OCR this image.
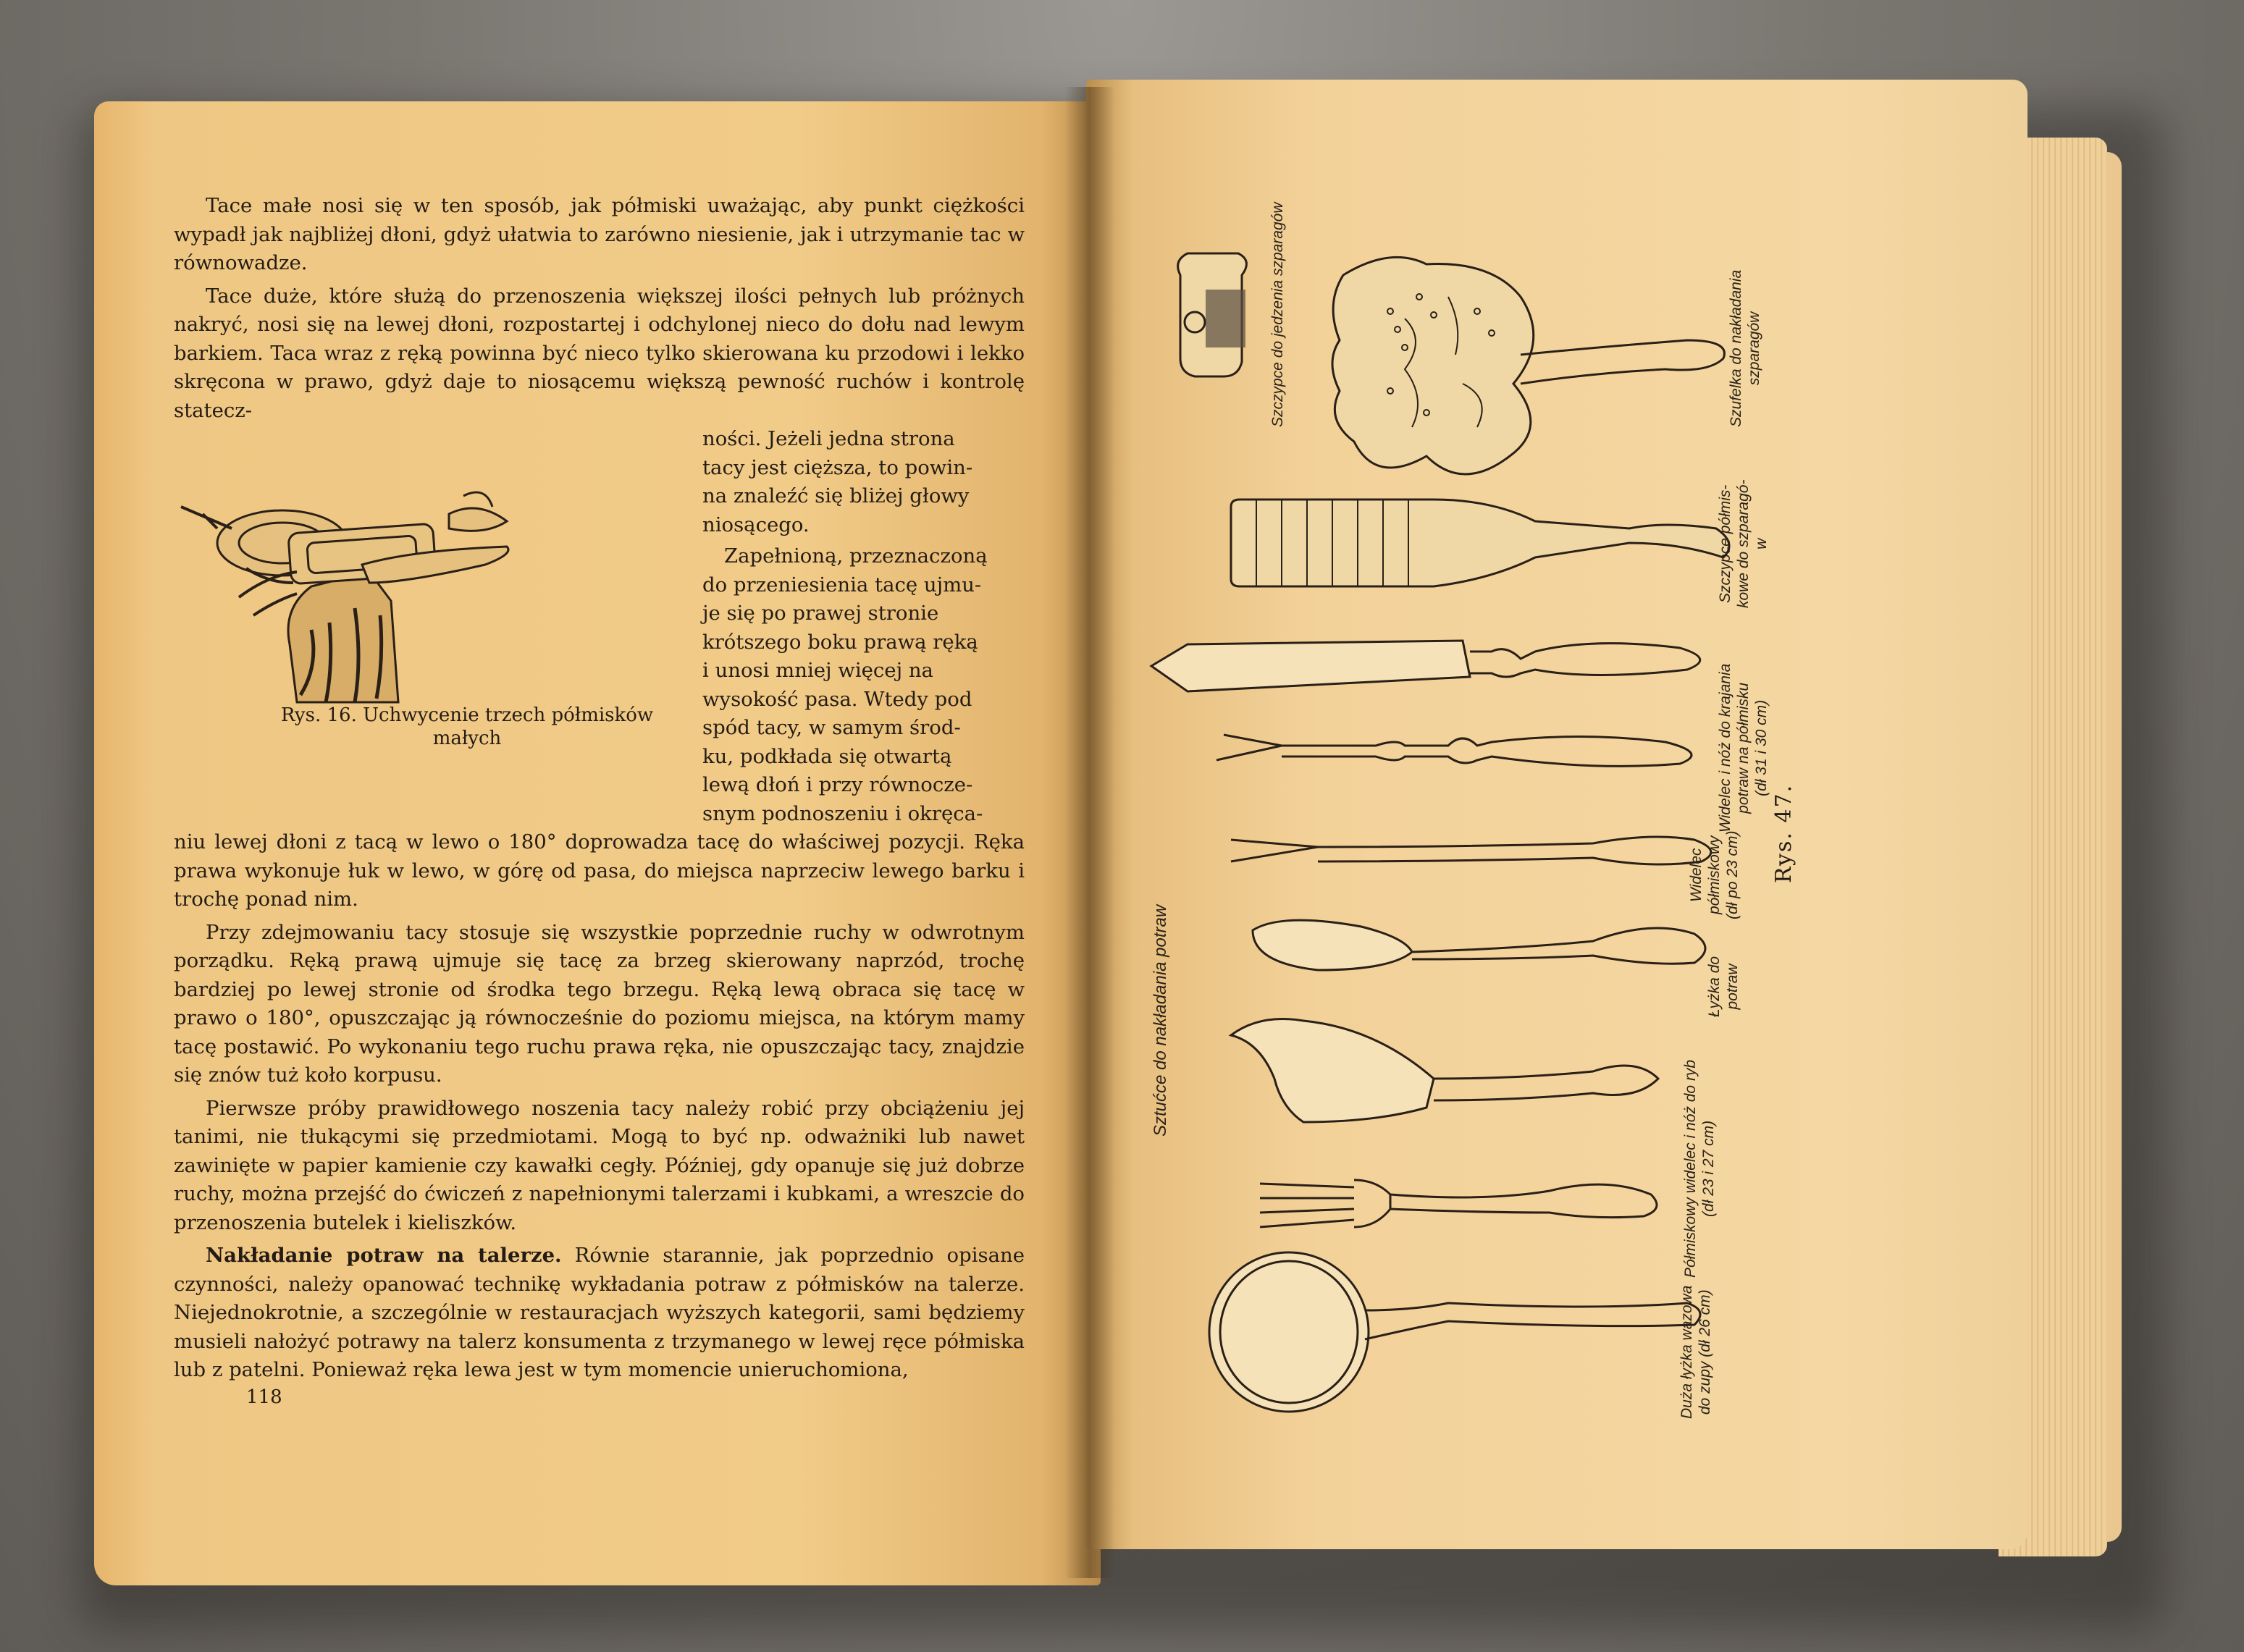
Tace małe nosi się w ten sposób, jak półmiski uważając, aby punkt ciężkości wypadł jak najbliżej dłoni, gdyż ułatwia to zarówno niesienie, jak i utrzymanie tac w równowadze.

Tace duże, które służą do przenoszenia większej ilości pełnych lub próżnych nakryć, nosi się na lewej dłoni, rozpostartej i odchylonej nieco do dołu nad lewym barkiem. Taca wraz z ręką powinna być nieco tylko skierowana ku przodowi i lekko skręcona w prawo, gdyż daje to niosącemu większą pewność ruchów i kontrolę statecz-

ności. Jeżeli jedna strona
tacy jest cięższa, to powin-
na znaleźć się bliżej głowy
niosącego.
Zapełnioną, przeznaczoną
do przeniesienia tacę ujmu-
je się po prawej stronie
krótszego boku prawą ręką
i unosi mniej więcej na
wysokość pasa. Wtedy pod
spód tacy, w samym środ-
ku, podkłada się otwartą
lewą dłoń i przy równocze-
snym podnoszeniu i okręca-

niu lewej dłoni z tacą w lewo o 180° doprowadza tacę do właściwej pozycji. Ręka prawa wykonuje łuk w lewo, w górę od pasa, do miejsca naprzeciw lewego barku i trochę ponad nim.

Przy zdejmowaniu tacy stosuje się wszystkie poprzednie ruchy w odwrotnym porządku. Ręką prawą ujmuje się tacę za brzeg skierowany naprzód, trochę bardziej po lewej stronie od środka tego brzegu. Ręką lewą obraca się tacę w prawo o 180°, opuszczając ją równocześnie do poziomu miejsca, na którym mamy tacę postawić. Po wykonaniu tego ruchu prawa ręka, nie opuszczając tacy, znajdzie się znów tuż koło korpusu.

Pierwsze próby prawidłowego noszenia tacy należy robić przy obciążeniu jej tanimi, nie tłukącymi się przedmiotami. Mogą to być np. odważniki lub nawet zawinięte w papier kamienie czy kawałki cegły. Później, gdy opanuje się już dobrze ruchy, można przejść do ćwiczeń z napełnionymi talerzami i kubkami, a wreszcie do przenoszenia butelek i kieliszków.

Nakładanie potraw na talerze. Równie starannie, jak poprzednio opisane czynności, należy opanować technikę wykładania potraw z półmisków na talerze. Niejednokrotnie, a szczególnie w restauracjach wyższych kategorii, sami będziemy musieli nałożyć potrawy na talerz konsumenta z trzymanego w lewej ręce półmiska lub z patelni. Ponieważ ręka lewa jest w tym momencie unieruchomiona,

Rys. 16. Uchwycenie trzech półmisków małych
118
Szczypce do jedzenia szparagów	Szufelka do nakładania
szparagów
Szczypce półmis-
kowe do szparagó-
w
Widelec i nóż do krajania
potraw na półmisku
(dł 31 i 30 cm)
Widelec
półmiskowy
(dł po 23 cm)
Łyżka do
potraw
Półmiskowy widelec i nóż do ryb
(dł 23 i 27 cm)
Duża łyżka wazowa
do zupy (dł 26 cm)
Sztućce do nakładania potraw
Rys. 47.
